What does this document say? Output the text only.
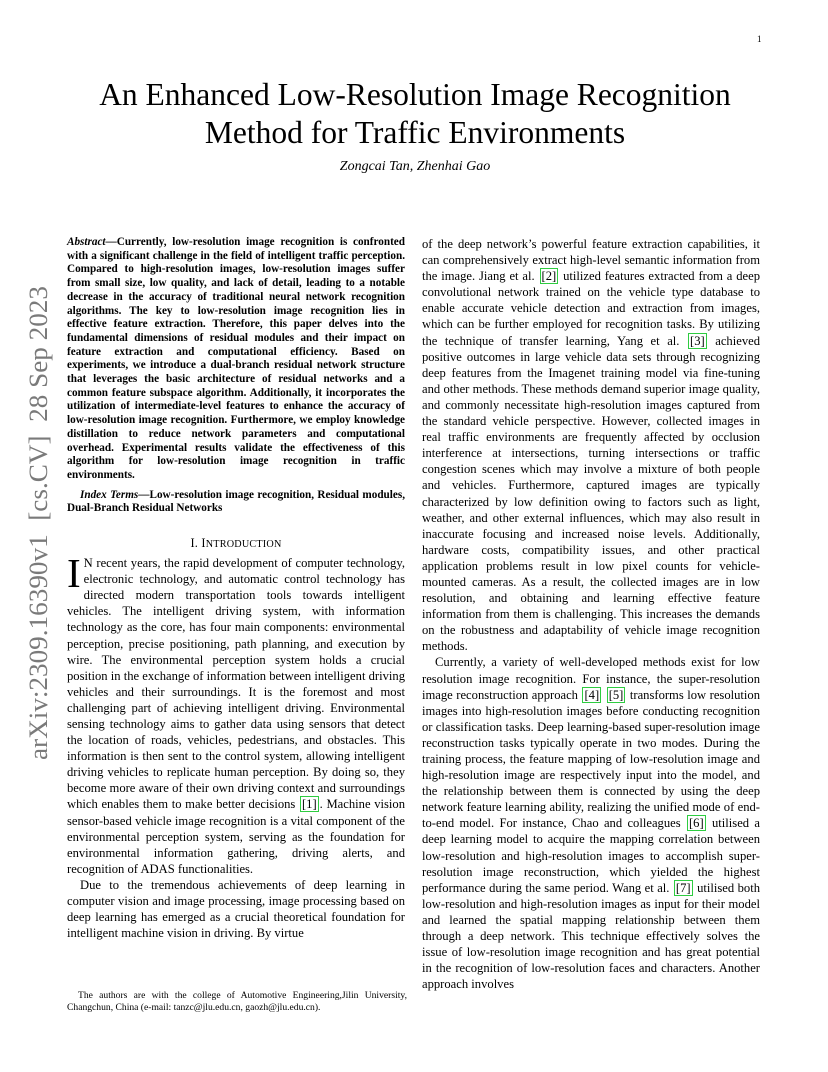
1
arXiv:2309.16390v1  [cs.CV]  28 Sep 2023
An Enhanced Low-Resolution Image Recognition
Method for Traffic Environments
Zongcai Tan, Zhenhai Gao

Abstract—Currently, low-resolution image recognition is confronted with a significant challenge in the field of intelligent traffic perception. Compared to high-resolution images, low-resolution images suffer from small size, low quality, and lack of detail, leading to a notable decrease in the accuracy of traditional neural network recognition algorithms. The key to low-resolution image recognition lies in effective feature extraction. Therefore, this paper delves into the fundamental dimensions of residual modules and their impact on feature extraction and computational efficiency. Based on experiments, we introduce a dual-branch residual network structure that leverages the basic architecture of residual networks and a common feature subspace algorithm. Additionally, it incorporates the utilization of intermediate-level features to enhance the accuracy of low-resolution image recognition. Furthermore, we employ knowledge distillation to reduce network parameters and computational overhead. Experimental results validate the effectiveness of this algorithm for low-resolution image recognition in traffic environments.

Index Terms—Low-resolution image recognition, Residual modules, Dual-Branch Residual Networks

I. INTRODUCTION

I N recent years, the rapid development of computer technology, electronic technology, and automatic control technology has directed modern transportation tools towards intelligent vehicles. The intelligent driving system, with information technology as the core, has four main components: environmental perception, precise positioning, path planning, and execution by wire. The environmental perception system holds a crucial position in the exchange of information between intelligent driving vehicles and their surroundings. It is the foremost and most challenging part of achieving intelligent driving. Environmental sensing technology aims to gather data using sensors that detect the location of roads, vehicles, pedestrians, and obstacles. This information is then sent to the control system, allowing intelligent driving vehicles to replicate human perception. By doing so, they become more aware of their own driving context and surroundings which enables them to make better decisions [1] . Machine vision sensor-based vehicle image recognition is a vital component of the environmental perception system, serving as the foundation for environmental information gathering, driving alerts, and recognition of ADAS functionalities.

Due to the tremendous achievements of deep learning in computer vision and image processing, image processing based on deep learning has emerged as a crucial theoretical foundation for intelligent machine vision in driving. By virtue

of the deep network’s powerful feature extraction capabilities, it can comprehensively extract high-level semantic information from the image. Jiang et al. [2] utilized features extracted from a deep convolutional network trained on the vehicle type database to enable accurate vehicle detection and extraction from images, which can be further employed for recognition tasks. By utilizing the technique of transfer learning, Yang et al. [3] achieved positive outcomes in large vehicle data sets through recognizing deep features from the Imagenet training model via fine-tuning and other methods. These methods demand superior image quality, and commonly necessitate high-resolution images captured from the standard vehicle perspective. However, collected images in real traffic environments are frequently affected by occlusion interference at intersections, turning intersections or traffic congestion scenes which may involve a mixture of both people and vehicles. Furthermore, captured images are typically characterized by low definition owing to factors such as light, weather, and other external influences, which may also result in inaccurate focusing and increased noise levels. Additionally, hardware costs, compatibility issues, and other practical application problems result in low pixel counts for vehicle-mounted cameras. As a result, the collected images are in low resolution, and obtaining and learning effective feature information from them is challenging. This increases the demands on the robustness and adaptability of vehicle image recognition methods.

Currently, a variety of well-developed methods exist for low resolution image recognition. For instance, the super-resolution image reconstruction approach [4] [5] transforms low resolution images into high-resolution images before conducting recognition or classification tasks. Deep learning-based super-resolution image reconstruction tasks typically operate in two modes. During the training process, the feature mapping of low-resolution image and high-resolution image are respectively input into the model, and the relationship between them is connected by using the deep network feature learning ability, realizing the unified mode of end-to-end model. For instance, Chao and colleagues [6] utilised a deep learning model to acquire the mapping correlation between low-resolution and high-resolution images to accomplish super-resolution image reconstruction, which yielded the highest performance during the same period. Wang et al. [7] utilised both low-resolution and high-resolution images as input for their model and learned the spatial mapping relationship between them through a deep network. This technique effectively solves the issue of low-resolution image recognition and has great potential in the recognition of low-resolution faces and characters. Another approach involves

The authors are with the college of Automotive Engineering,Jilin University, Changchun, China (e-mail: tanzc@jlu.edu.cn, gaozh@jlu.edu.cn).
